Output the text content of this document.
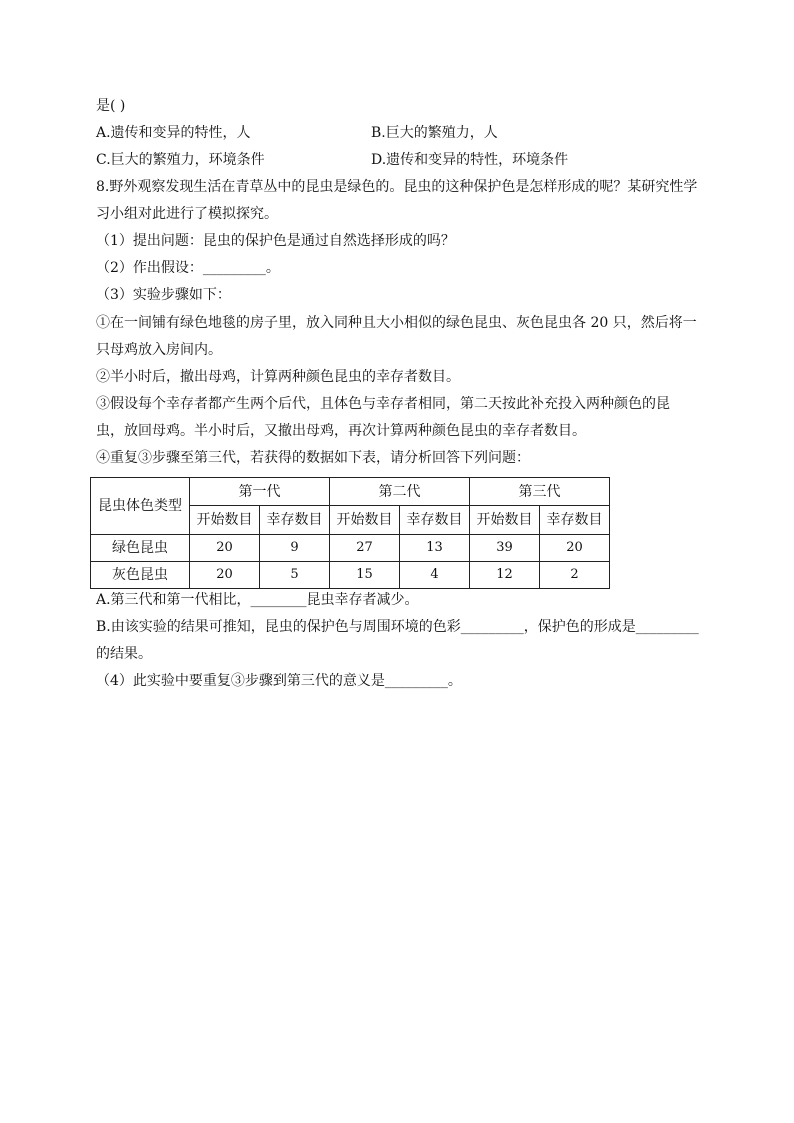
是( )
A.遗传和变异的特性，人	B.巨大的繁殖力，人
C.巨大的繁殖力，环境条件	D.遗传和变异的特性，环境条件
8.野外观察发现生活在青草丛中的昆虫是绿色的。昆虫的这种保护色是怎样形成的呢？某研究性学
习小组对此进行了模拟探究。
（1）提出问题：昆虫的保护色是通过自然选择形成的吗？
（2）作出假设：_________。
（3）实验步骤如下：
①在一间铺有绿色地毯的房子里，放入同种且大小相似的绿色昆虫、灰色昆虫各 20 只，然后将一
只母鸡放入房间内。
②半小时后，撤出母鸡，计算两种颜色昆虫的幸存者数目。
③假设每个幸存者都产生两个后代，且体色与幸存者相同，第二天按此补充投入两种颜色的昆
虫，放回母鸡。半小时后，又撤出母鸡，再次计算两种颜色昆虫的幸存者数目。
④重复③步骤至第三代，若获得的数据如下表，请分析回答下列问题：
昆虫体色类型	第一代		第二代		第三代	
	开始数目	幸存数目	开始数目	幸存数目	开始数目	幸存数目
绿色昆虫	20	9	27	13	39	20
灰色昆虫	20	5	15	4	12	2
A.第三代和第一代相比，________昆虫幸存者减少。
B.由该实验的结果可推知，昆虫的保护色与周围环境的色彩_________，保护色的形成是_________
的结果。
（4）此实验中要重复③步骤到第三代的意义是_________。
